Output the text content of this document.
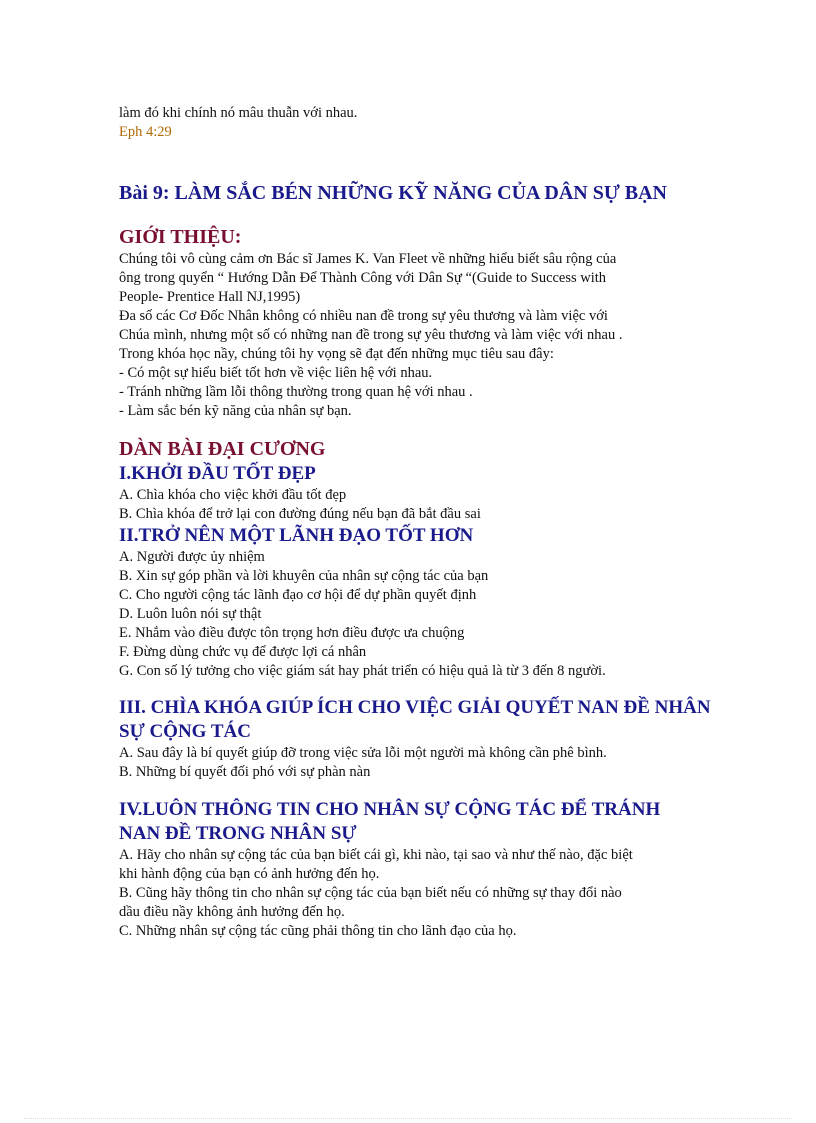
làm đó khi chính nó mâu thuẫn với nhau.

Eph 4:29

Bài 9: LÀM SẮC BÉN NHỮNG KỸ NĂNG CỦA DÂN SỰ BẠN
GIỚI THIỆU:

Chúng tôi vô cùng cảm ơn Bác sĩ James K. Van Fleet về những hiểu biết sâu rộng của

ông trong quyển “ Hướng Dẫn Để Thành Công với Dân Sự “(Guide to Success with

People- Prentice Hall NJ,1995)

Đa số các Cơ Đốc Nhân không có nhiều nan đề trong sự yêu thương và làm việc với

Chúa mình, nhưng một số có những nan đề trong sự yêu thương và làm việc với nhau .

Trong khóa học nầy, chúng tôi hy vọng sẽ đạt đến những mục tiêu sau đây:

- Có một sự hiểu biết tốt hơn về việc liên hệ với nhau.

- Tránh những lầm lỗi thông thường trong quan hệ với nhau .

- Làm sắc bén kỹ năng của nhân sự bạn.

DÀN BÀI ĐẠI CƯƠNG
I.KHỞI ĐẦU TỐT ĐẸP

A. Chìa khóa cho việc khởi đầu tốt đẹp

B. Chìa khóa để trở lại con đường đúng nếu bạn đã bắt đầu sai

II.TRỞ NÊN MỘT LÃNH ĐẠO TỐT HƠN

A. Người được ủy nhiệm

B. Xin sự góp phần và lời khuyên của nhân sự cộng tác của bạn

C. Cho người cộng tác lãnh đạo cơ hội để dự phần quyết định

D. Luôn luôn nói sự thật

E. Nhắm vào điều được tôn trọng hơn điều được ưa chuộng

F. Đừng dùng chức vụ để được lợi cá nhân

G. Con số lý tưởng cho việc giám sát hay phát triển có hiệu quả là từ 3 đến 8 người.

III. CHÌA KHÓA GIÚP ÍCH CHO VIỆC GIẢI QUYẾT NAN ĐỀ NHÂN
SỰ CỘNG TÁC

A. Sau đây là bí quyết giúp đỡ trong việc sửa lỗi một người mà không cần phê bình.

B. Những bí quyết đối phó với sự phàn nàn

IV.LUÔN THÔNG TIN CHO NHÂN SỰ CỘNG TÁC ĐỂ TRÁNH
NAN ĐỀ TRONG NHÂN SỰ

A. Hãy cho nhân sự cộng tác của bạn biết cái gì, khi nào, tại sao và như thế nào, đặc biệt

khi hành động của bạn có ảnh hưởng đến họ.

B. Cũng hãy thông tin cho nhân sự cộng tác của bạn biết nếu có những sự thay đổi nào

dầu điều nầy không ảnh hưởng đến họ.

C. Những nhân sự cộng tác cũng phải thông tin cho lãnh đạo của họ.
